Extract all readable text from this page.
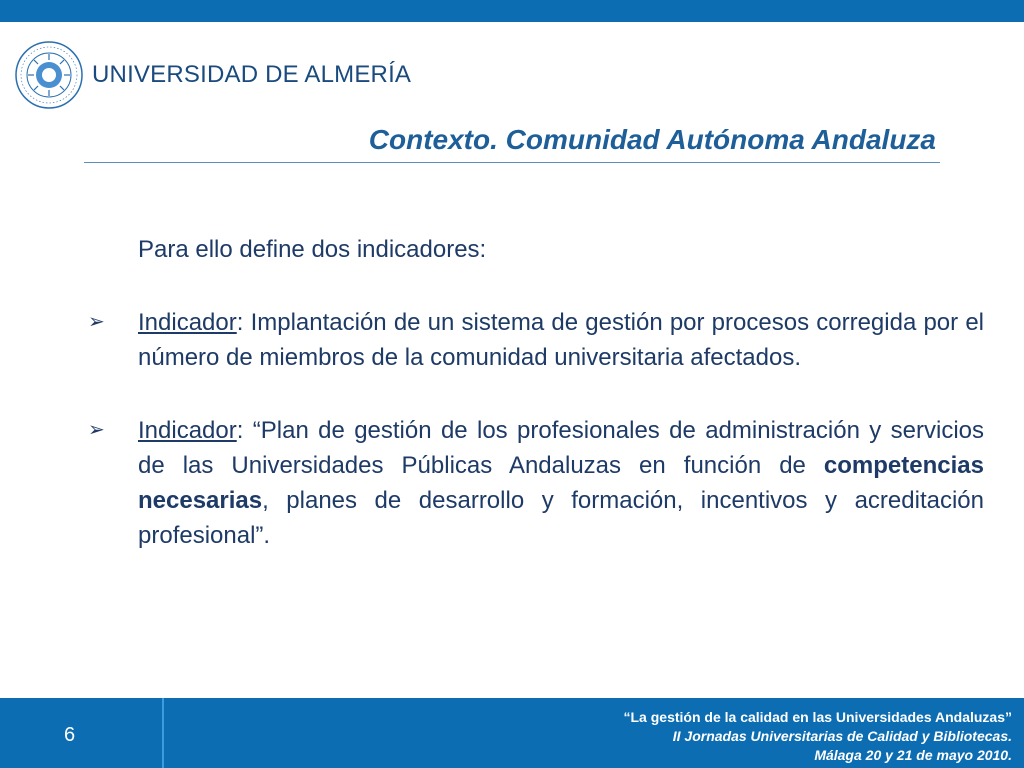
UNIVERSIDAD DE ALMERÍA
Contexto. Comunidad Autónoma Andaluza

Para ello define dos indicadores:

➢ Indicador: Implantación de un sistema de gestión por procesos corregida por el número de miembros de la comunidad universitaria afectados.
➢ Indicador: “Plan de gestión de los profesionales de administración y servicios de las Universidades Públicas Andaluzas en función de competencias necesarias, planes de desarrollo y formación, incentivos y acreditación profesional”.
6
“La gestión de la calidad en las Universidades Andaluzas”
II Jornadas Universitarias de Calidad y Bibliotecas.
Málaga 20 y 21 de mayo 2010.
